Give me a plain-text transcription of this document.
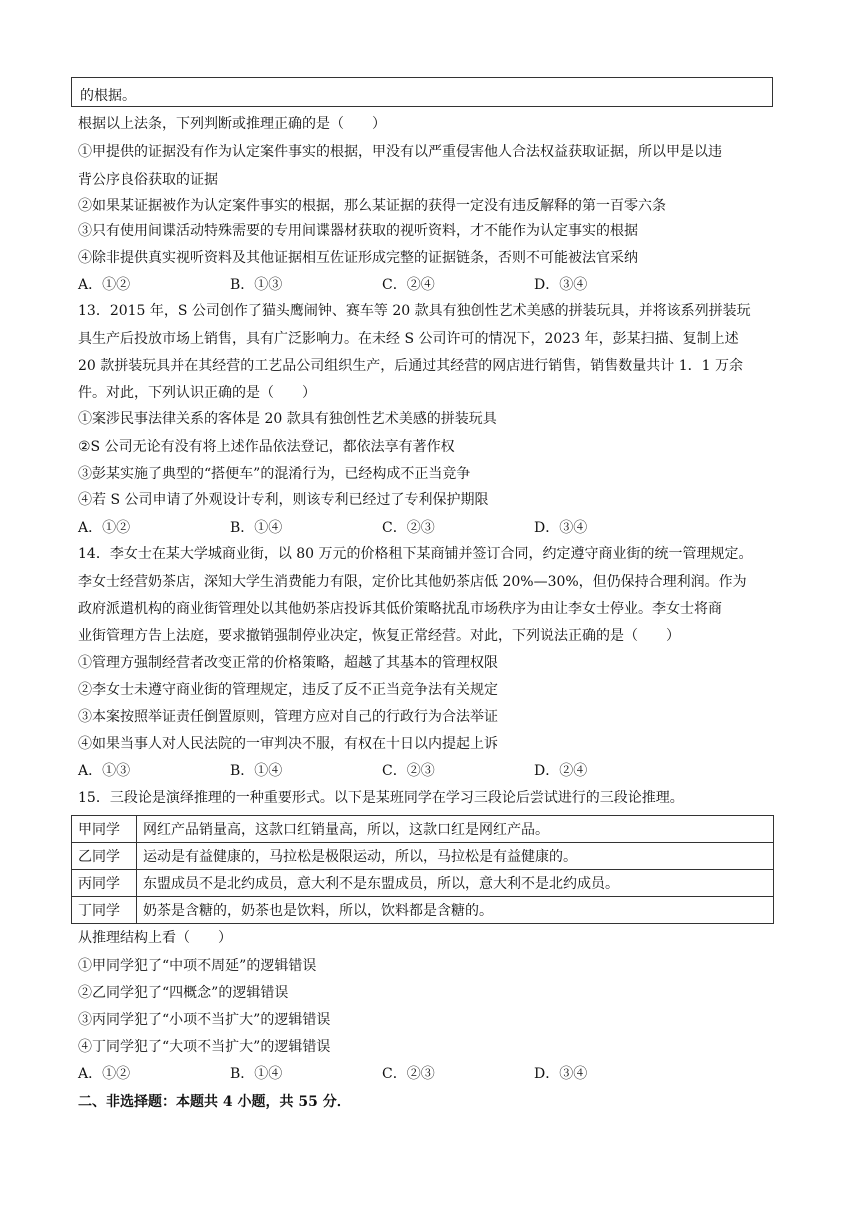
的根据。
根据以上法条，下列判断或推理正确的是（　　）
①甲提供的证据没有作为认定案件事实的根据，甲没有以严重侵害他人合法权益获取证据，所以甲是以违
背公序良俗获取的证据
②如果某证据被作为认定案件事实的根据，那么某证据的获得一定没有违反解释的第一百零六条
③只有使用间谍活动特殊需要的专用间谍器材获取的视听资料，才不能作为认定事实的根据
④除非提供真实视听资料及其他证据相互佐证形成完整的证据链条，否则不可能被法官采纳
A．①②	B．①③	C．②④	D．③④
13．2015 年，S 公司创作了猫头鹰闹钟、赛车等 20 款具有独创性艺术美感的拼装玩具，并将该系列拼装玩
具生产后投放市场上销售，具有广泛影响力。在未经 S 公司许可的情况下，2023 年，彭某扫描、复制上述
20 款拼装玩具并在其经营的工艺品公司组织生产，后通过其经营的网店进行销售，销售数量共计 1．1 万余
件。对此，下列认识正确的是（　　）
①案涉民事法律关系的客体是 20 款具有独创性艺术美感的拼装玩具
②S 公司无论有没有将上述作品依法登记，都依法享有著作权
③彭某实施了典型的“搭便车”的混淆行为，已经构成不正当竞争
④若 S 公司申请了外观设计专利，则该专利已经过了专利保护期限
A．①②	B．①④	C．②③	D．③④
14．李女士在某大学城商业街，以 80 万元的价格租下某商铺并签订合同，约定遵守商业街的统一管理规定。
李女士经营奶茶店，深知大学生消费能力有限，定价比其他奶茶店低 20%—30%，但仍保持合理利润。作为
政府派遣机构的商业街管理处以其他奶茶店投诉其低价策略扰乱市场秩序为由让李女士停业。李女士将商
业街管理方告上法庭，要求撤销强制停业决定，恢复正常经营。对此，下列说法正确的是（　　）
①管理方强制经营者改变正常的价格策略，超越了其基本的管理权限
②李女士未遵守商业街的管理规定，违反了反不正当竞争法有关规定
③本案按照举证责任倒置原则，管理方应对自己的行政行为合法举证
④如果当事人对人民法院的一审判决不服，有权在十日以内提起上诉
A．①③	B．①④	C．②③	D．②④
15．三段论是演绎推理的一种重要形式。以下是某班同学在学习三段论后尝试进行的三段论推理。
甲同学	网红产品销量高，这款口红销量高，所以，这款口红是网红产品。
乙同学	运动是有益健康的，马拉松是极限运动，所以，马拉松是有益健康的。
丙同学	东盟成员不是北约成员，意大利不是东盟成员，所以，意大利不是北约成员。
丁同学	奶茶是含糖的，奶茶也是饮料，所以，饮料都是含糖的。
从推理结构上看（　　）
①甲同学犯了“中项不周延”的逻辑错误
②乙同学犯了“四概念”的逻辑错误
③丙同学犯了“小项不当扩大”的逻辑错误
④丁同学犯了“大项不当扩大”的逻辑错误
A．①②	B．①④	C．②③	D．③④
二、非选择题：本题共 4 小题，共 55 分．
